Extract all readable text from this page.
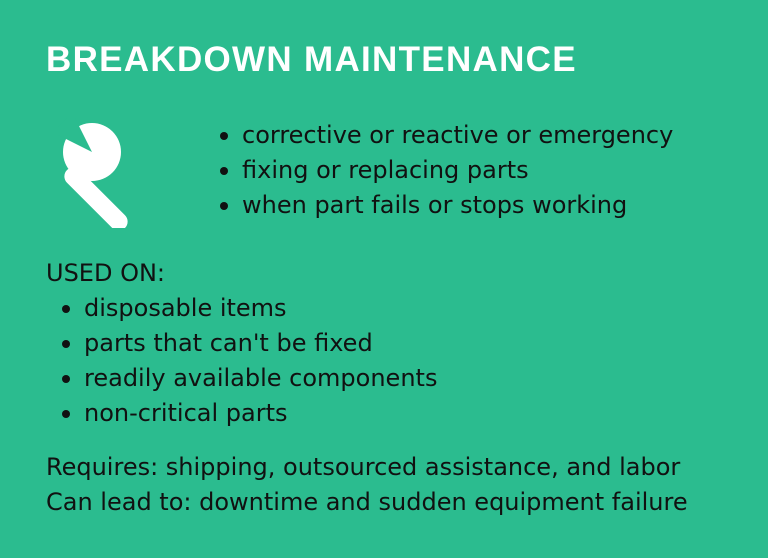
BREAKDOWN MAINTENANCE
corrective or reactive or emergency
fixing or replacing parts
when part fails or stops working
USED ON:
disposable items
parts that can't be fixed
readily available components
non-critical parts
Requires: shipping, outsourced assistance, and labor
Can lead to: downtime and sudden equipment failure
